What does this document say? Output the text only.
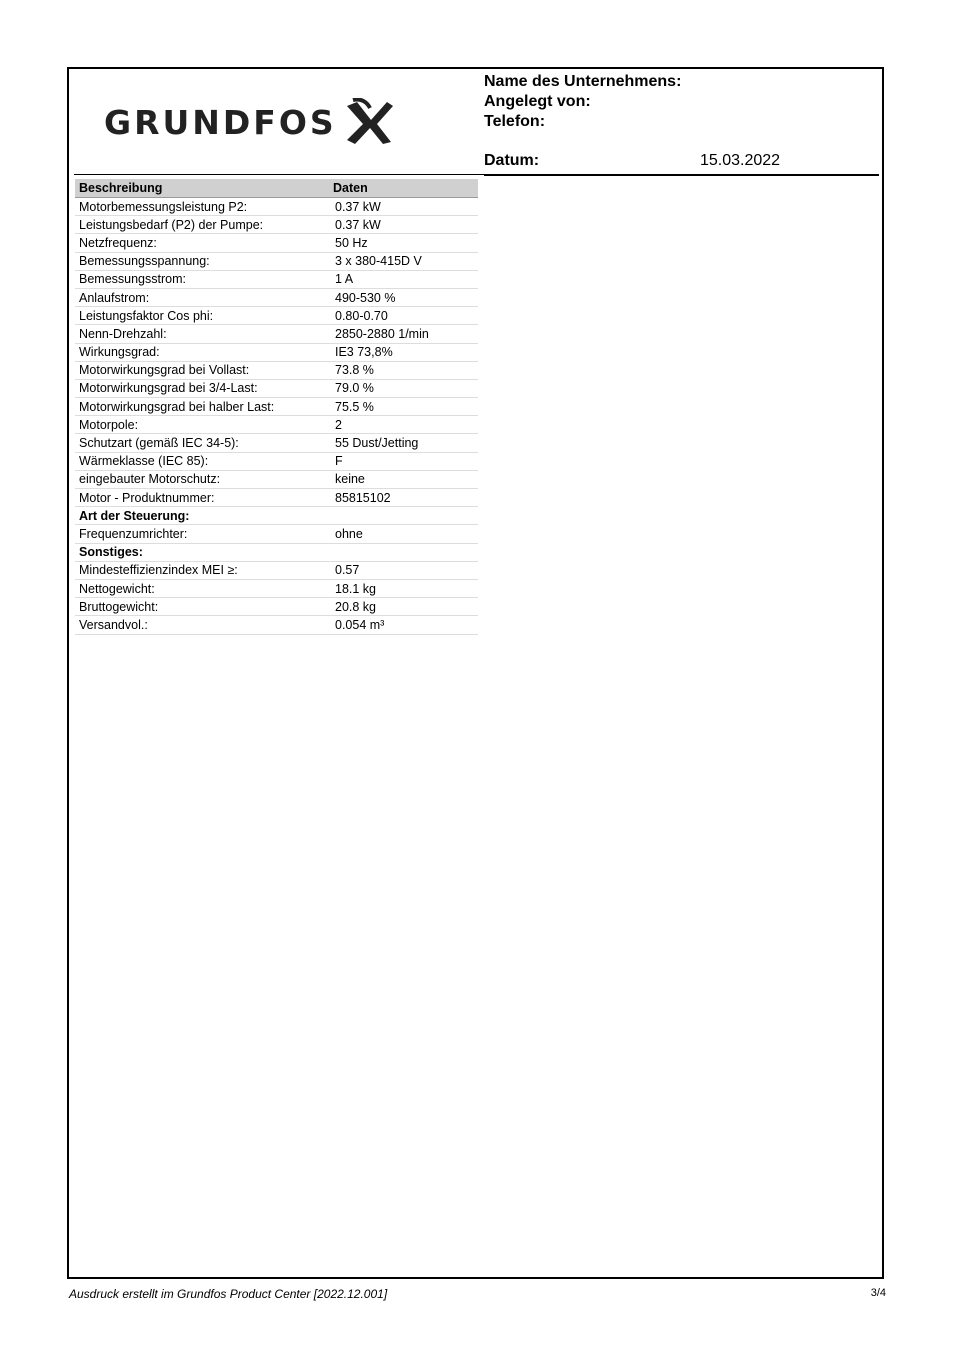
GRUNDFOS
Name des Unternehmens:
Angelegt von:
Telefon:
Datum:	15.03.2022
Beschreibung	Daten
Motorbemessungsleistung P2:	0.37 kW
Leistungsbedarf (P2) der Pumpe:	0.37 kW
Netzfrequenz:	50 Hz
Bemessungsspannung:	3 x 380-415D V
Bemessungsstrom:	1 A
Anlaufstrom:	490-530 %
Leistungsfaktor Cos phi:	0.80-0.70
Nenn-Drehzahl:	2850-2880 1/min
Wirkungsgrad:	IE3 73,8%
Motorwirkungsgrad bei Vollast:	73.8 %
Motorwirkungsgrad bei 3/4-Last:	79.0 %
Motorwirkungsgrad bei halber Last:	75.5 %
Motorpole:	2
Schutzart (gemäß IEC 34-5):	55 Dust/Jetting
Wärmeklasse (IEC 85):	F
eingebauter Motorschutz:	keine
Motor - Produktnummer:	85815102
Art der Steuerung:	
Frequenzumrichter:	ohne
Sonstiges:	
Mindesteffizienzindex MEI ≥:	0.57
Nettogewicht:	18.1 kg
Bruttogewicht:	20.8 kg
Versandvol.:	0.054 m³
Ausdruck erstellt im Grundfos Product Center [2022.12.001]	3/4
